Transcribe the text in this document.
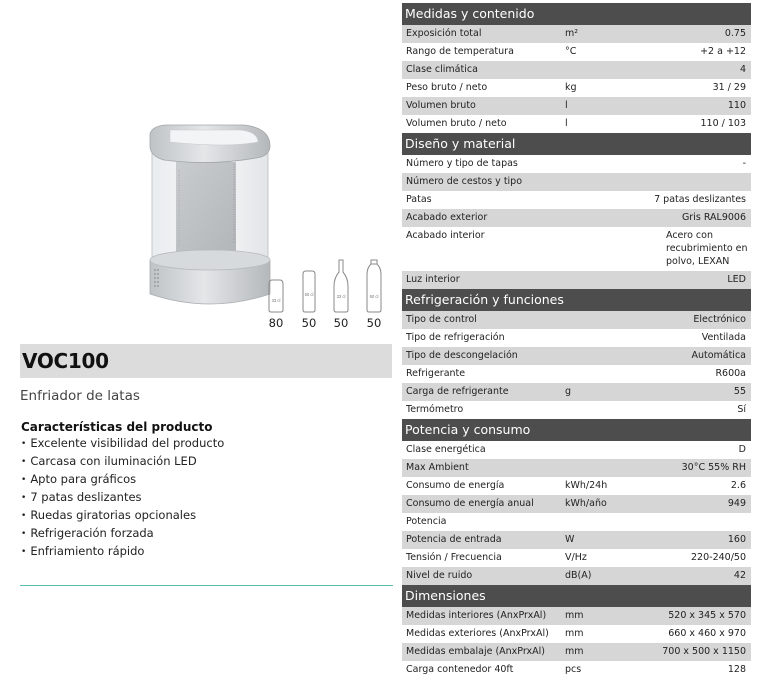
33 cl
80
50 cl
50
33 cl
50
50 cl
50
VOC100
Enfriador de latas
Características del producto
• Excelente visibilidad del producto
• Carcasa con iluminación LED
• Apto para gráficos
• 7 patas deslizantes
• Ruedas giratorias opcionales
• Refrigeración forzada
• Enfriamiento rápido
Medidas y contenido
Exposición total	m²	0.75
Rango de temperatura	°C	+2 a +12
Clase climática	4
Peso bruto / neto	kg	31 / 29
Volumen bruto	l	110
Volumen bruto / neto	l	110 / 103
Diseño y material
Número y tipo de tapas	-
Número de cestos y tipo
Patas	7 patas deslizantes
Acabado exterior	Gris RAL9006
Acabado interior	Acero con recubrimiento en polvo, LEXAN
Luz interior	LED
Refrigeración y funciones
Tipo de control	Electrónico
Tipo de refrigeración	Ventilada
Tipo de descongelación	Automática
Refrigerante	R600a
Carga de refrigerante	g	55
Termómetro	Sí
Potencia y consumo
Clase energética	D
Max Ambient	30°C 55% RH
Consumo de energía	kWh/24h	2.6
Consumo de energía anual	kWh/año	949
Potencia
Potencia de entrada	W	160
Tensión / Frecuencia	V/Hz	220-240/50
Nivel de ruido	dB(A)	42
Dimensiones
Medidas interiores (AnxPrxAl) mm	520 x 345 x 570
Medidas exteriores (AnxPrxAl) mm	660 x 460 x 970
Medidas embalaje (AnxPrxAl) mm	700 x 500 x 1150
Carga contenedor 40ft	pcs	128
